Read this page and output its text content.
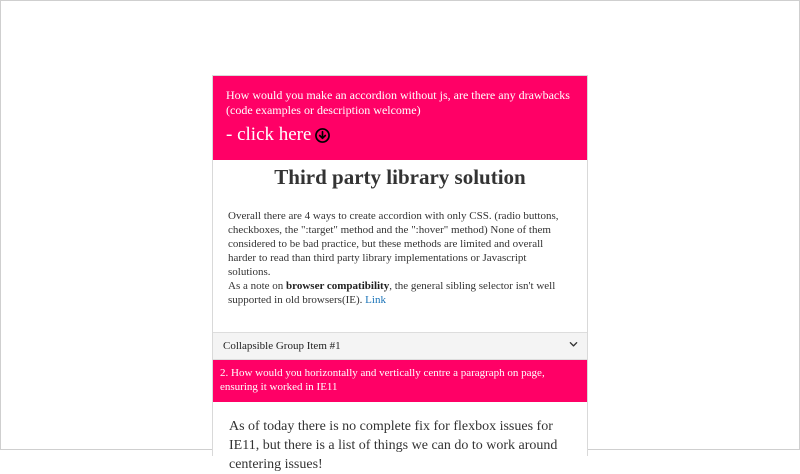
How would you make an accordion without js, are there any drawbacks (code examples or description welcome)
- click here
Third party library solution
Overall there are 4 ways to create accordion with only CSS. (radio buttons, checkboxes, the ":target" method and the ":hover" method) None of them considered to be bad practice, but these methods are limited and overall harder to read than third party library implementations or Javascript solutions.
As a note on browser compatibility, the general sibling selector isn't well supported in old browsers(IE). Link
Collapsible Group Item #1
2. How would you horizontally and vertically centre a paragraph on page, ensuring it worked in IE11
As of today there is no complete fix for flexbox issues for IE11, but there is a list of things we can do to work around centering issues!
